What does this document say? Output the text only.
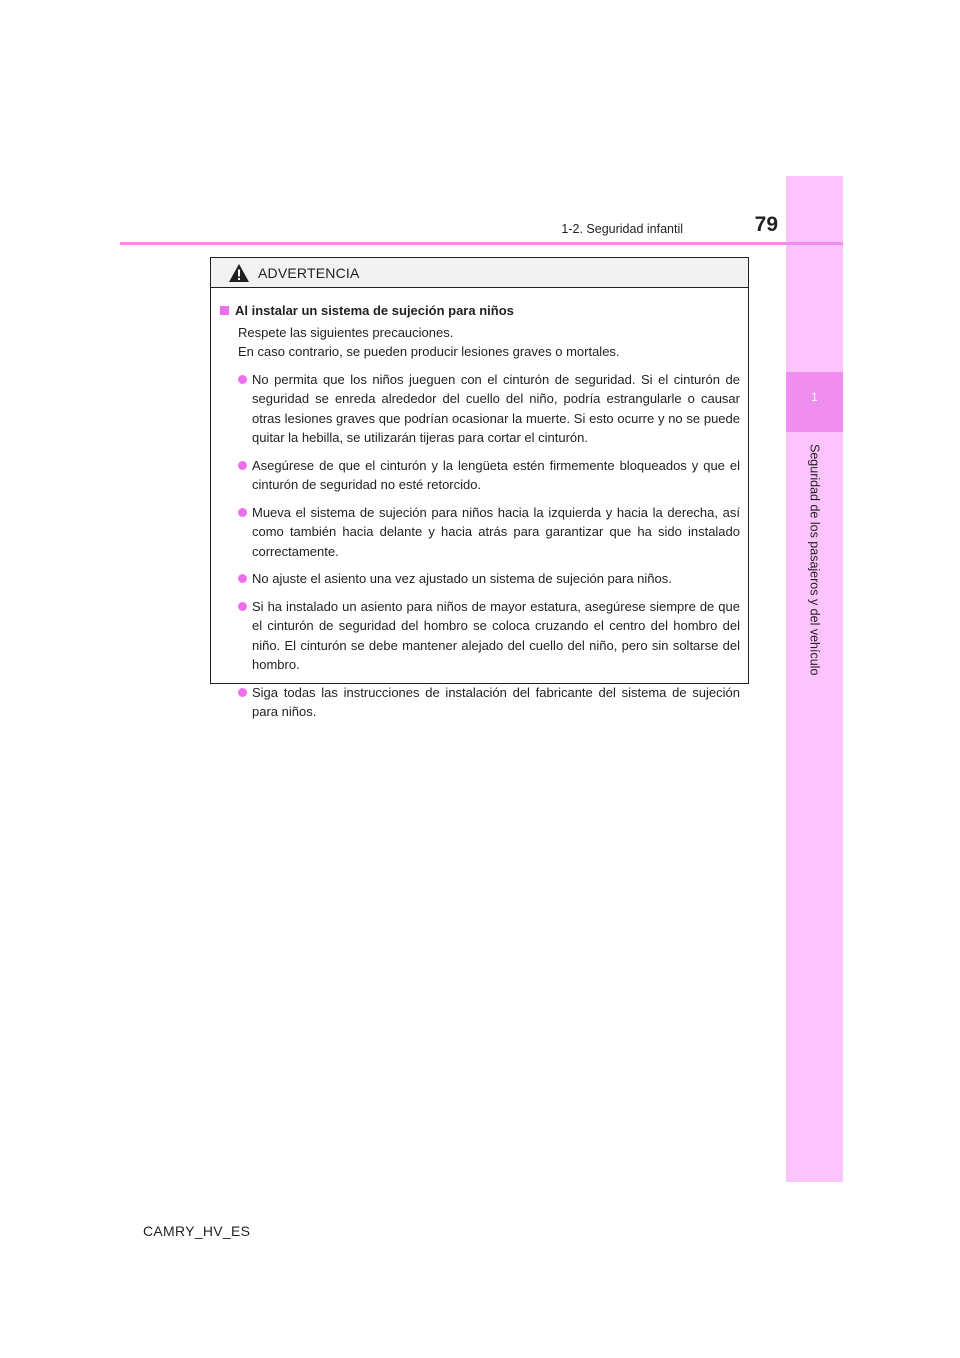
1
Seguridad de los pasajeros y del vehículo
1-2. Seguridad infantil	79
ADVERTENCIA
Al instalar un sistema de sujeción para niños
Respete las siguientes precauciones.
En caso contrario, se pueden producir lesiones graves o mortales.
No permita que los niños jueguen con el cinturón de seguridad. Si el cinturón de seguridad se enreda alrededor del cuello del niño, podría estrangularle o causar otras lesiones graves que podrían ocasionar la muerte. Si esto ocurre y no se puede quitar la hebilla, se utilizarán tijeras para cortar el cinturón.
Asegúrese de que el cinturón y la lengüeta estén firmemente bloqueados y que el cinturón de seguridad no esté retorcido.
Mueva el sistema de sujeción para niños hacia la izquierda y hacia la derecha, así como también hacia delante y hacia atrás para garantizar que ha sido instalado correctamente.
No ajuste el asiento una vez ajustado un sistema de sujeción para niños.
Si ha instalado un asiento para niños de mayor estatura, asegúrese siempre de que el cinturón de seguridad del hombro se coloca cruzando el centro del hombro del niño. El cinturón se debe mantener alejado del cuello del niño, pero sin soltarse del hombro.
Siga todas las instrucciones de instalación del fabricante del sistema de sujeción para niños.
CAMRY_HV_ES
